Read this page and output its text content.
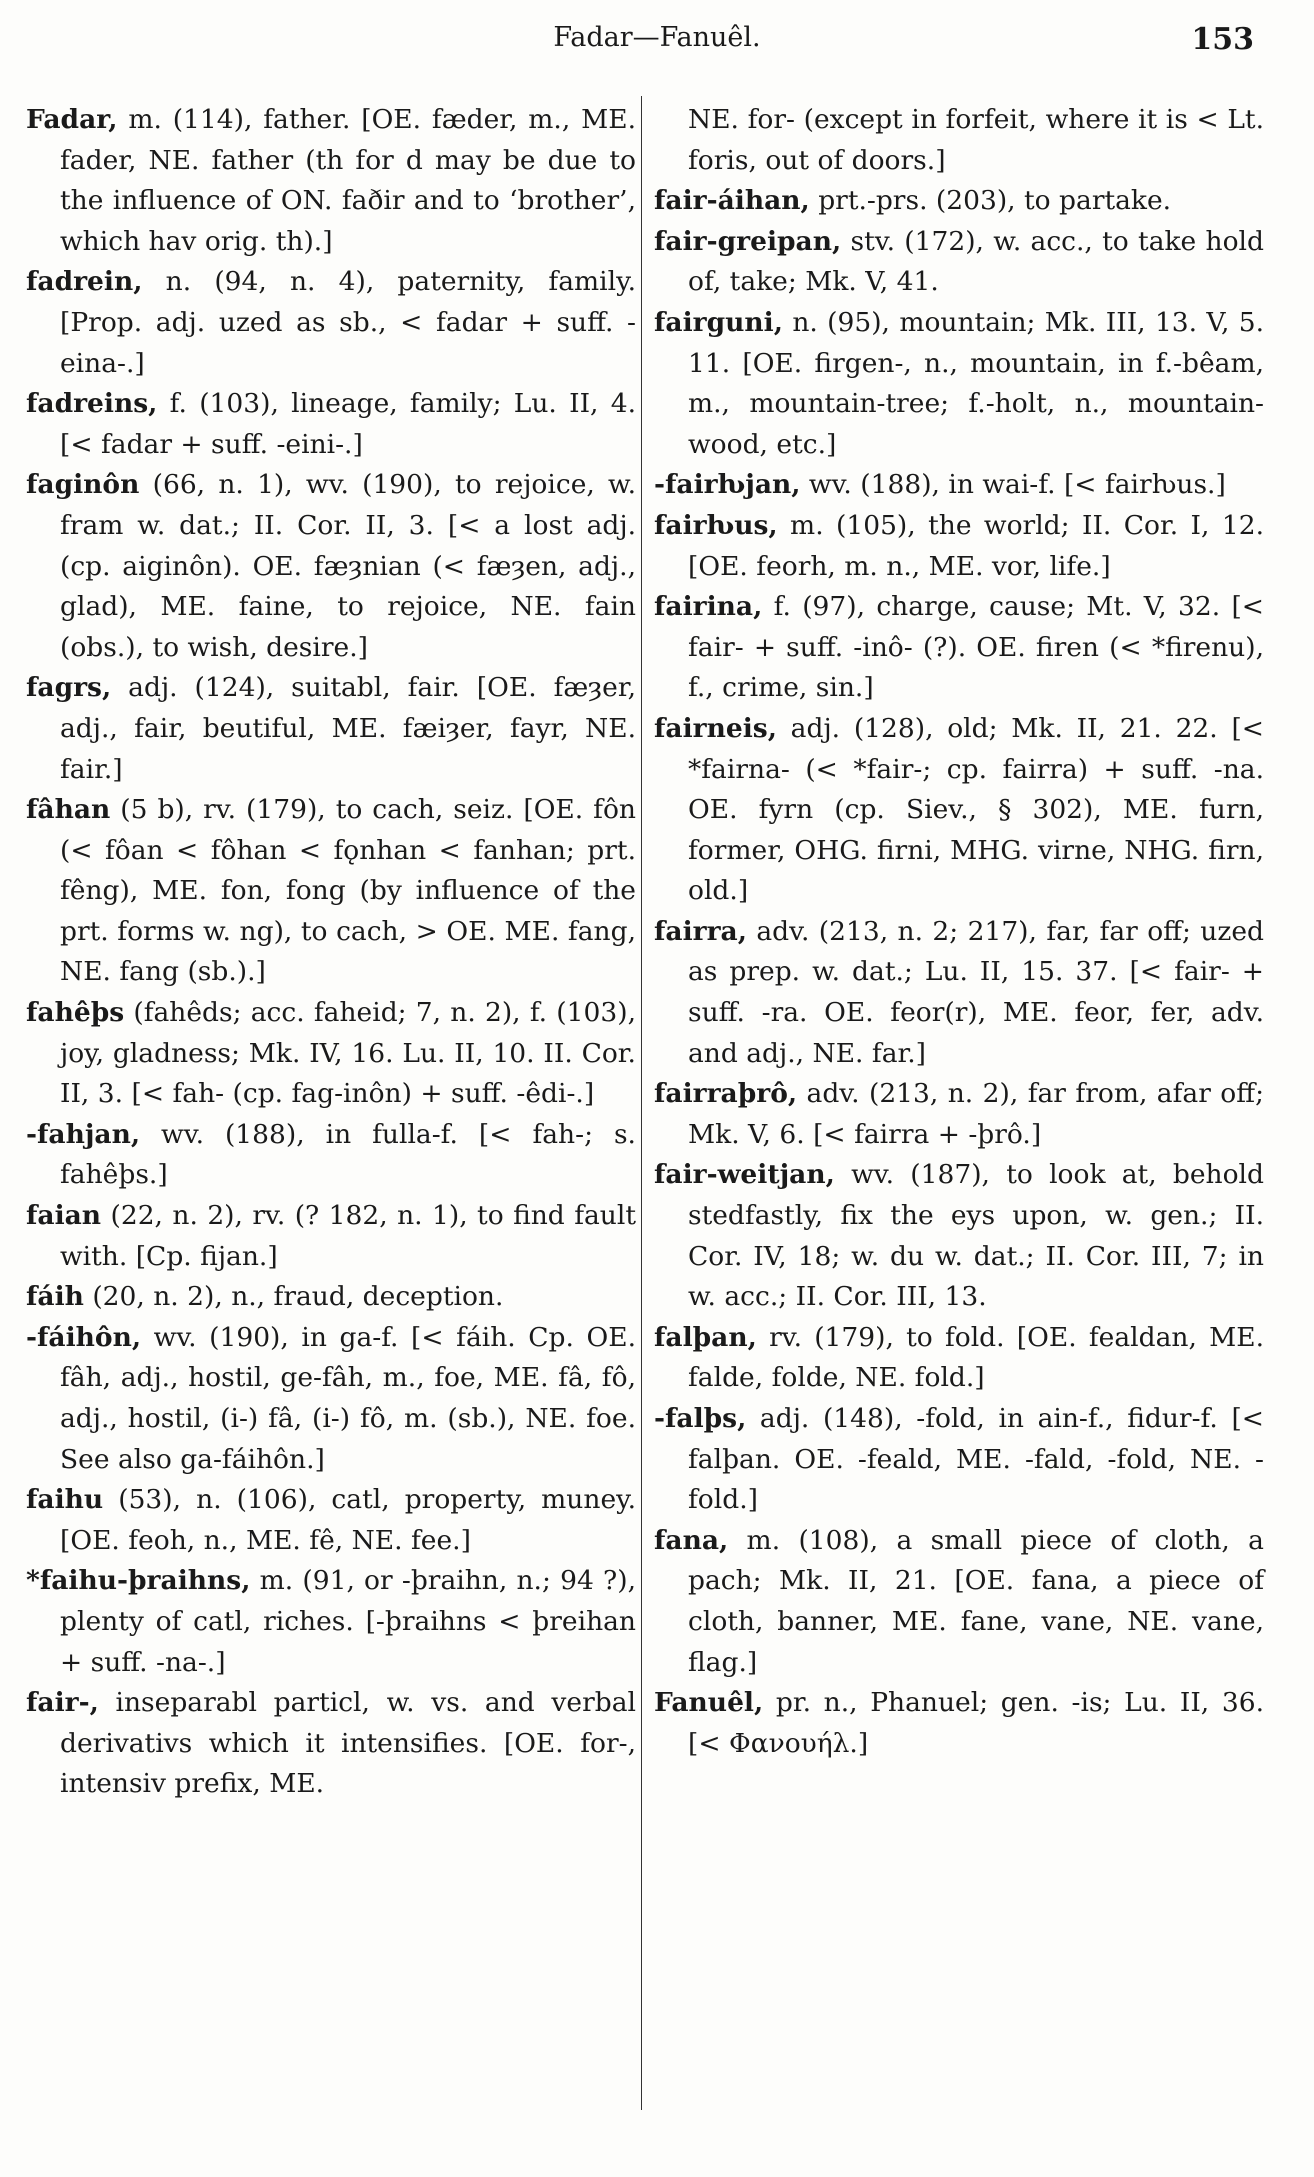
Fadar—Fanuêl.	153

Fadar, m. (114), father. [OE. fæder, m., ME. fader, NE. father (th for d may be due to the influence of ON. faðir and to ‘brother’, which hav orig. th).]

fadrein, n. (94, n. 4), paternity, family. [Prop. adj. uzed as sb., < fadar + suff. -eina-.]

fadreins, f. (103), lineage, family; Lu. II, 4. [< fadar + suff. -eini-.]

faginôn (66, n. 1), wv. (190), to rejoice, w. fram w. dat.; II. Cor. II, 3. [< a lost adj. (cp. aiginôn). OE. fæȝnian (< fæȝen, adj., glad), ME. faine, to rejoice, NE. fain (obs.), to wish, desire.]

fagrs, adj. (124), suitabl, fair. [OE. fæȝer, adj., fair, beutiful, ME. fæiȝer, fayr, NE. fair.]

fâhan (5 b), rv. (179), to cach, seiz. [OE. fôn (< fôan < fôhan < fǫnhan < fanhan; prt. fêng), ME. fon, fong (by influence of the prt. forms w. ng), to cach, > OE. ME. fang, NE. fang (sb.).]

fahêþs (fahêds; acc. faheid; 7, n. 2), f. (103), joy, gladness; Mk. IV, 16. Lu. II, 10. II. Cor. II, 3. [< fah- (cp. fag-inôn) + suff. -êdi-.]

-fahjan, wv. (188), in fulla-f. [< fah-; s. fahêþs.]

faian (22, n. 2), rv. (? 182, n. 1), to find fault with. [Cp. fijan.]

fáih (20, n. 2), n., fraud, deception.

-fáihôn, wv. (190), in ga-f. [< fáih. Cp. OE. fâh, adj., hostil, ge-fâh, m., foe, ME. fâ, fô, adj., hostil, (i-) fâ, (i-) fô, m. (sb.), NE. foe. See also ga-fáihôn.]

faihu (53), n. (106), catl, property, muney. [OE. feoh, n., ME. fê, NE. fee.]

*faihu-þraihns, m. (91, or -þraihn, n.; 94 ?), plenty of catl, riches. [-þraihns < þreihan + suff. -na-.]

fair-, inseparabl particl, w. vs. and verbal derivativs which it intensifies. [OE. for-, intensiv prefix, ME.

NE. for- (except in forfeit, where it is < Lt. foris, out of doors.]

fair-áihan, prt.-prs. (203), to partake.

fair-greipan, stv. (172), w. acc., to take hold of, take; Mk. V, 41.

fairguni, n. (95), mountain; Mk. III, 13. V, 5. 11. [OE. firgen-, n., mountain, in f.-bêam, m., mountain-tree; f.-holt, n., mountain-wood, etc.]

-fairƕjan, wv. (188), in wai-f. [< fairƕus.]

fairƕus, m. (105), the world; II. Cor. I, 12. [OE. feorh, m. n., ME. vor, life.]

fairina, f. (97), charge, cause; Mt. V, 32. [< fair- + suff. -inô- (?). OE. firen (< *firenu), f., crime, sin.]

fairneis, adj. (128), old; Mk. II, 21. 22. [< *fairna- (< *fair-; cp. fairra) + suff. -na. OE. fyrn (cp. Siev., § 302), ME. furn, former, OHG. firni, MHG. virne, NHG. firn, old.]

fairra, adv. (213, n. 2; 217), far, far off; uzed as prep. w. dat.; Lu. II, 15. 37. [< fair- + suff. -ra. OE. feor(r), ME. feor, fer, adv. and adj., NE. far.]

fairraþrô, adv. (213, n. 2), far from, afar off; Mk. V, 6. [< fairra + -þrô.]

fair-weitjan, wv. (187), to look at, behold stedfastly, fix the eys upon, w. gen.; II. Cor. IV, 18; w. du w. dat.; II. Cor. III, 7; in w. acc.; II. Cor. III, 13.

falþan, rv. (179), to fold. [OE. fealdan, ME. falde, folde, NE. fold.]

-falþs, adj. (148), -fold, in ain-f., fidur-f. [< falþan. OE. -feald, ME. -fald, -fold, NE. -fold.]

fana, m. (108), a small piece of cloth, a pach; Mk. II, 21. [OE. fana, a piece of cloth, banner, ME. fane, vane, NE. vane, flag.]

Fanuêl, pr. n., Phanuel; gen. -is; Lu. II, 36. [< Φανουήλ.]
